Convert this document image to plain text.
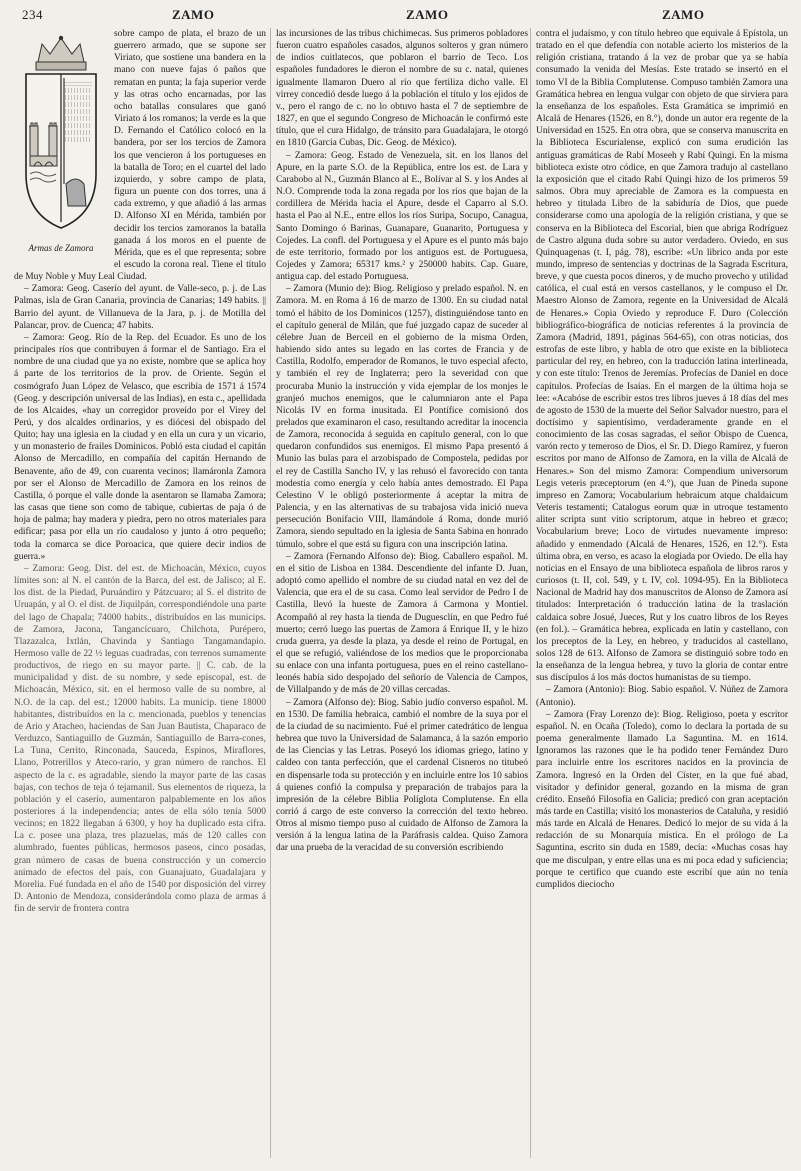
234	ZAMO	ZAMO	ZAMO
Armas de Zamora

sobre campo de plata, el brazo de un guerrero armado, que se supone ser Viriato, que sostiene una bandera en la mano con nueve fajas ó paños que rematan en punta; la faja superior verde y las otras ocho encarnadas, por las ocho batallas consulares que ganó Viriato á los romanos; la verde es la que D. Fernando el Católico colocó en la bandera, por ser los tercios de Zamora los que vencieron á los portugueses en la batalla de Toro; en el cuartel del lado izquierdo, y sobre campo de plata, figura un puente con dos torres, una á cada extremo, y que añadió á las armas D. Alfonso XI en Mérida, también por decidir los tercios zamoranos la batalla ganada á los moros en el puente de Mérida, que es el que representa; sobre el escudo la corona real. Tiene el título de Muy Noble y Muy Leal Ciudad.

– Zamora: Geog. Caserío del ayunt. de Valle-seco, p. j. de Las Palmas, isla de Gran Canaria, provincia de Canarias; 149 habits. || Barrio del ayunt. de Villanueva de la Jara, p. j. de Motilla del Palancar, prov. de Cuenca; 47 habits.

– Zamora: Geog. Río de la Rep. del Ecuador. Es uno de los principales ríos que contribuyen á formar el de Santiago. Era el nombre de una ciudad que ya no existe, nombre que se aplica hoy á parte de los territorios de la prov. de Oriente. Según el cosmógrafo Juan López de Velasco, que escribía de 1571 á 1574 (Geog. y descripción universal de las Indias), en esta c., apellidada de los Alcaides, «hay un corregidor proveído por el Virey del Perú, y dos alcaldes ordinarios, y es diócesi del obispado del Quito; hay una iglesia en la ciudad y en ella un cura y un vicario, y un monasterio de frailes Dominicos. Pobló esta ciudad el capitán Alonso de Mercadillo, en compañía del capitán Hernando de Benavente, año de 49, con cuarenta vecinos; llamáronla Zamora por ser el Alonso de Mercadillo de Zamora en los reinos de Castilla, ó porque el valle donde la asentaron se llamaba Zamora; las casas que tiene son como de tabique, cubiertas de paja ó de hoja de palma; hay madera y piedra, pero no otros materiales para edificar; pasa por ella un río caudaloso y junto á otro pequeño; toda la comarca se dice Poroacica, que quiere decir indios de guerra.»

– Zamora: Geog. Dist. del est. de Michoacán, México, cuyos límites son: al N. el cantón de la Barca, del est. de Jalisco; al E. los dist. de la Piedad, Puruándiro y Pátzcuaro; al S. el distrito de Uruapán, y al O. el dist. de Jiquilpán, correspondiéndole una parte del lago de Chapala; 74000 habits., distribuídos en las municips. de Zamora, Jacona, Tangancícuaro, Chilchota, Purépero, Tlazazalca, Ixtlán, Chavinda y Santiago Tangamandapio. Hermoso valle de 22 ½ leguas cuadradas, con terrenos sumamente productivos, de riego en su mayor parte. || C. cab. de la municipalidad y dist. de su nombre, y sede episcopal, est. de Michoacán, México, sit. en el hermoso valle de su nombre, al N.O. de la cap. del est.; 12000 habits. La municip. tiene 18000 habitantes, distribuídos en la c. mencionada, pueblos y tenencias de Ario y Atacheo, haciendas de San Juan Bautista, Chaparaco de Verduzco, Santiaguillo de Guzmán, Santiaguillo de Barra-cones, La Tuna, Cerrito, Rinconada, Sauceda, Espinos, Miraflores, Llano, Potrerillos y Ateco-rario, y gran número de ranchos. El aspecto de la c. es agradable, siendo la mayor parte de las casas bajas, con techos de teja ó tejamanil. Sus elementos de riqueza, la población y el caserío, aumentaron palpablemente en los años posteriores á la independencia; antes de ella sólo tenía 5000 vecinos; en 1822 llegaban á 6300, y hoy ha duplicado esta cifra. La c. posee una plaza, tres plazuelas, más de 120 calles con alumbrado, fuentes públicas, hermosos paseos, cinco posadas, gran número de casas de buena construcción y un comercio animado de efectos del país, con Guanajuato, Guadalajara y Morelia. Fué fundada en el año de 1540 por disposición del virrey D. Antonio de Mendoza, considerándola como plaza de armas á fin de servir de frontera contra

las incursiones de las tribus chichimecas. Sus primeros pobladores fueron cuatro españoles casados, algunos solteros y gran número de indios cuitlatecos, que poblaron el barrio de Teco. Los españoles fundadores le dieron el nombre de su c. natal, quienes igualmente llamaron Duero al río que fertiliza dicho valle. El virrey concedió desde luego á la población el título y los ejidos de v., pero el rango de c. no lo obtuvo hasta el 7 de septiembre de 1827, en que el segundo Congreso de Michoacán le confirmó este título, que el cura Hidalgo, de tránsito para Guadalajara, le otorgó en 1810 (García Cubas, Dic. Geog. de México).

– Zamora: Geog. Estado de Venezuela, sit. en los llanos del Apure, en la parte S.O. de la República, entre los est. de Lara y Carabobo al N., Guzmán Blanco al E., Bolívar al S. y los Andes al N.O. Comprende toda la zona regada por los ríos que bajan de la cordillera de Mérida hacia el Apure, desde el Caparro al S.O. hasta el Pao al N.E., entre ellos los ríos Suripa, Socupo, Canagua, Santo Domingo ó Barinas, Guanapare, Guanarito, Portuguesa y Cojedes. La confl. del Portuguesa y el Apure es el punto más bajo de este territorio, formado por los antiguos est. de Portuguesa, Cojedes y Zamora; 65317 kms.² y 250000 habits. Cap. Guare, antigua cap. del estado Portuguesa.

– Zamora (Munio de): Biog. Religioso y prelado español. N. en Zamora. M. en Roma á 16 de marzo de 1300. En su ciudad natal tomó el hábito de los Dominicos (1257), distinguiéndose tanto en el capítulo general de Milán, que fué juzgado capaz de suceder al célebre Juan de Berceil en el gobierno de la misma Orden, habiendo sido antes su legado en las cortes de Francia y de Castilla, Rodolfo, emperador de Romanos, le tuvo especial afecto, y también el rey de Inglaterra; pero la severidad con que procuraba Munio la instrucción y vida ejemplar de los monjes le granjeó muchos enemigos, que le calumniaron ante el Papa Nicolás IV en forma inusitada. El Pontífice comisionó dos prelados que examinaron el caso, resultando acreditar la inocencia de Zamora, reconocida á seguida en capítulo general, con lo que quedaron confundidos sus enemigos. El mismo Papa presentó á Munio las bulas para el arzobispado de Compostela, pedidas por el rey de Castilla Sancho IV, y las rehusó el favorecido con tanta modestia como energía y celo había antes demostrado. El Papa Celestino V le obligó posteriormente á aceptar la mitra de Palencia, y en las alternativas de su trabajosa vida inició nueva persecución Bonifacio VIII, llamándole á Roma, donde murió Zamora, siendo sepultado en la iglesia de Santa Sabina en honrado túmulo, sobre el que está su figura con una inscripción latina.

– Zamora (Fernando Alfonso de): Biog. Caballero español. M. en el sitio de Lisboa en 1384. Descendiente del infante D. Juan, adoptó como apellido el nombre de su ciudad natal en vez del de Valencia, que era el de su casa. Como leal servidor de Pedro I de Castilla, llevó la hueste de Zamora á Carmona y Montiel. Acompañó al rey hasta la tienda de Duguesclín, en que Pedro fué muerto; cerró luego las puertas de Zamora á Enrique II, y le hizo cruda guerra, ya desde la plaza, ya desde el reino de Portugal, en el que se refugió, valiéndose de los medios que le proporcionaba su enlace con una infanta portuguesa, pues en el reino castellano-leonés había sido despojado del señorío de Valencia de Campos, de Villalpando y de más de 20 villas cercadas.

– Zamora (Alfonso de): Biog. Sabio judío converso español. M. en 1530. De familia hebraica, cambió el nombre de la suya por el de la ciudad de su nacimiento. Fué el primer catedrático de lengua hebrea que tuvo la Universidad de Salamanca, á la sazón emporio de las Ciencias y las Letras. Poseyó los idiomas griego, latino y caldeo con tanta perfección, que el cardenal Cisneros no titubeó en dispensarle toda su protección y en incluirle entre los 10 sabios á quienes confió la compulsa y preparación de trabajos para la impresión de la célebre Biblia Políglota Complutense. En ella corrió á cargo de este converso la corrección del texto hebreo. Otros al mismo tiempo puso al cuidado de Alfonso de Zamora la versión á la lengua latina de la Paráfrasis caldea. Quiso Zamora dar una prueba de la veracidad de su conversión escribiendo

contra el judaísmo, y con título hebreo que equivale á Epístola, un tratado en el que defendía con notable acierto los misterios de la religión cristiana, tratando á la vez de probar que ya se había consumado la venida del Mesías. Este tratado se insertó en el tomo VI de la Biblia Complutense. Compuso también Zamora una Gramática hebrea en lengua vulgar con objeto de que sirviera para la enseñanza de los españoles. Esta Gramática se imprimió en Alcalá de Henares (1526, en 8.°), donde un autor era regente de la Universidad en 1525. En otra obra, que se conserva manuscrita en la Biblioteca Escurialense, explicó con suma erudición las antiguas gramáticas de Rabí Moseeh y Rabí Quingi. En la misma biblioteca existe otro códice, en que Zamora tradujo al castellano la exposición que el citado Rabí Quingi hizo de los primeros 59 salmos. Obra muy apreciable de Zamora es la compuesta en hebreo y titulada Libro de la sabiduría de Dios, que puede considerarse como una apología de la religión cristiana, y que se conserva en la Biblioteca del Escorial, bien que abriga Rodríguez de Castro alguna duda sobre su autor verdadero. Oviedo, en sus Quinquagenas (t. I, pág. 78), escribe: «Un librico anda por este mundo, impreso de sentencias y doctrinas de la Sagrada Escritura, breve, y que cuesta pocos dineros, y de mucho provecho y utilidad católica, el cual está en versos castellanos, y le compuso el Dr. Maestro Alonso de Zamora, regente en la Universidad de Alcalá de Henares.» Copia Oviedo y reproduce F. Duro (Colección bibliográfico-biográfica de noticias referentes á la provincia de Zamora (Madrid, 1891, páginas 564-65), con otras noticias, dos estrofas de este libro, y habla de otro que existe en la biblioteca particular del rey, en hebreo, con la traducción latina interlineada, y con este título: Trenos de Jeremías. Profecías de Daniel en doce capítulos. Profecías de Isaías. En el margen de la última hoja se lee: «Acabóse de escribir estos tres libros jueves á 18 días del mes de agosto de 1530 de la muerte del Señor Salvador nuestro, para el doctísimo y sapientísimo, verdaderamente grande en el conocimiento de las cosas sagradas, el señor Obispo de Cuenca, varón recto y temeroso de Dios, el Sr. D. Diego Ramírez, y fueron escritos por mano de Alfonso de Zamora, en la villa de Alcalá de Henares.» Son del mismo Zamora: Compendium universorum Legis veteris præceptorum (en 4.°), que Juan de Pineda supone impreso en Zamora; Vocabularium hebraicum atque chaldaicum Veteris testamenti; Catalogus eorum quæ in utroque testamento aliter scripta sunt vitio scriptorum, atque in hebreo et græco; Vocabularium breve; Loco de virtudes nuevamente impreso: añadido y enmendado (Alcalá de Henares, 1526, en 12.°). Esta última obra, en verso, es acaso la elogiada por Oviedo. De ella hay noticias en el Ensayo de una biblioteca española de libros raros y curiosos (t. II, col. 549, y t. IV, col. 1094-95). En la Biblioteca Nacional de Madrid hay dos manuscritos de Alonso de Zamora así titulados: Interpretación ó traducción latina de la traslación caldaica sobre Josué, Jueces, Rut y los cuatro libros de los Reyes (en fol.). – Gramática hebrea, explicada en latín y castellano, con los preceptos de la Ley, en hebreo, y traducidos al castellano, solos 128 de 613. Alfonso de Zamora se distinguió sobre todo en la enseñanza de la lengua hebrea, y tuvo la gloria de contar entre sus discípulos á los más doctos humanistas de su tiempo.

– Zamora (Antonio): Biog. Sabio español. V. Núñez de Zamora (Antonio).

– Zamora (Fray Lorenzo de): Biog. Religioso, poeta y escritor español. N. en Ocaña (Toledo), como lo declara la portada de su poema generalmente llamado La Saguntina. M. en 1614. Ignoramos las razones que le ha podido tener Fernández Duro para incluirle entre los escritores nacidos en la provincia de Zamora. Ingresó en la Orden del Císter, en la que fué abad, visitador y definidor general, gozando en la misma de gran crédito. Enseñó Filosofía en Galicia; predicó con gran aceptación más tarde en Castilla; visitó los monasterios de Cataluña, y residió más tarde en Alcalá de Henares. Dedicó lo mejor de su vida á la redacción de su Monarquía mística. En el prólogo de La Saguntina, escrito sin duda en 1589, decía: «Muchas cosas hay que me disculpan, y entre ellas una es mi poca edad y suficiencia; porque te certifico que cuando este escribí que aún no tenía cumplidos dieciocho
